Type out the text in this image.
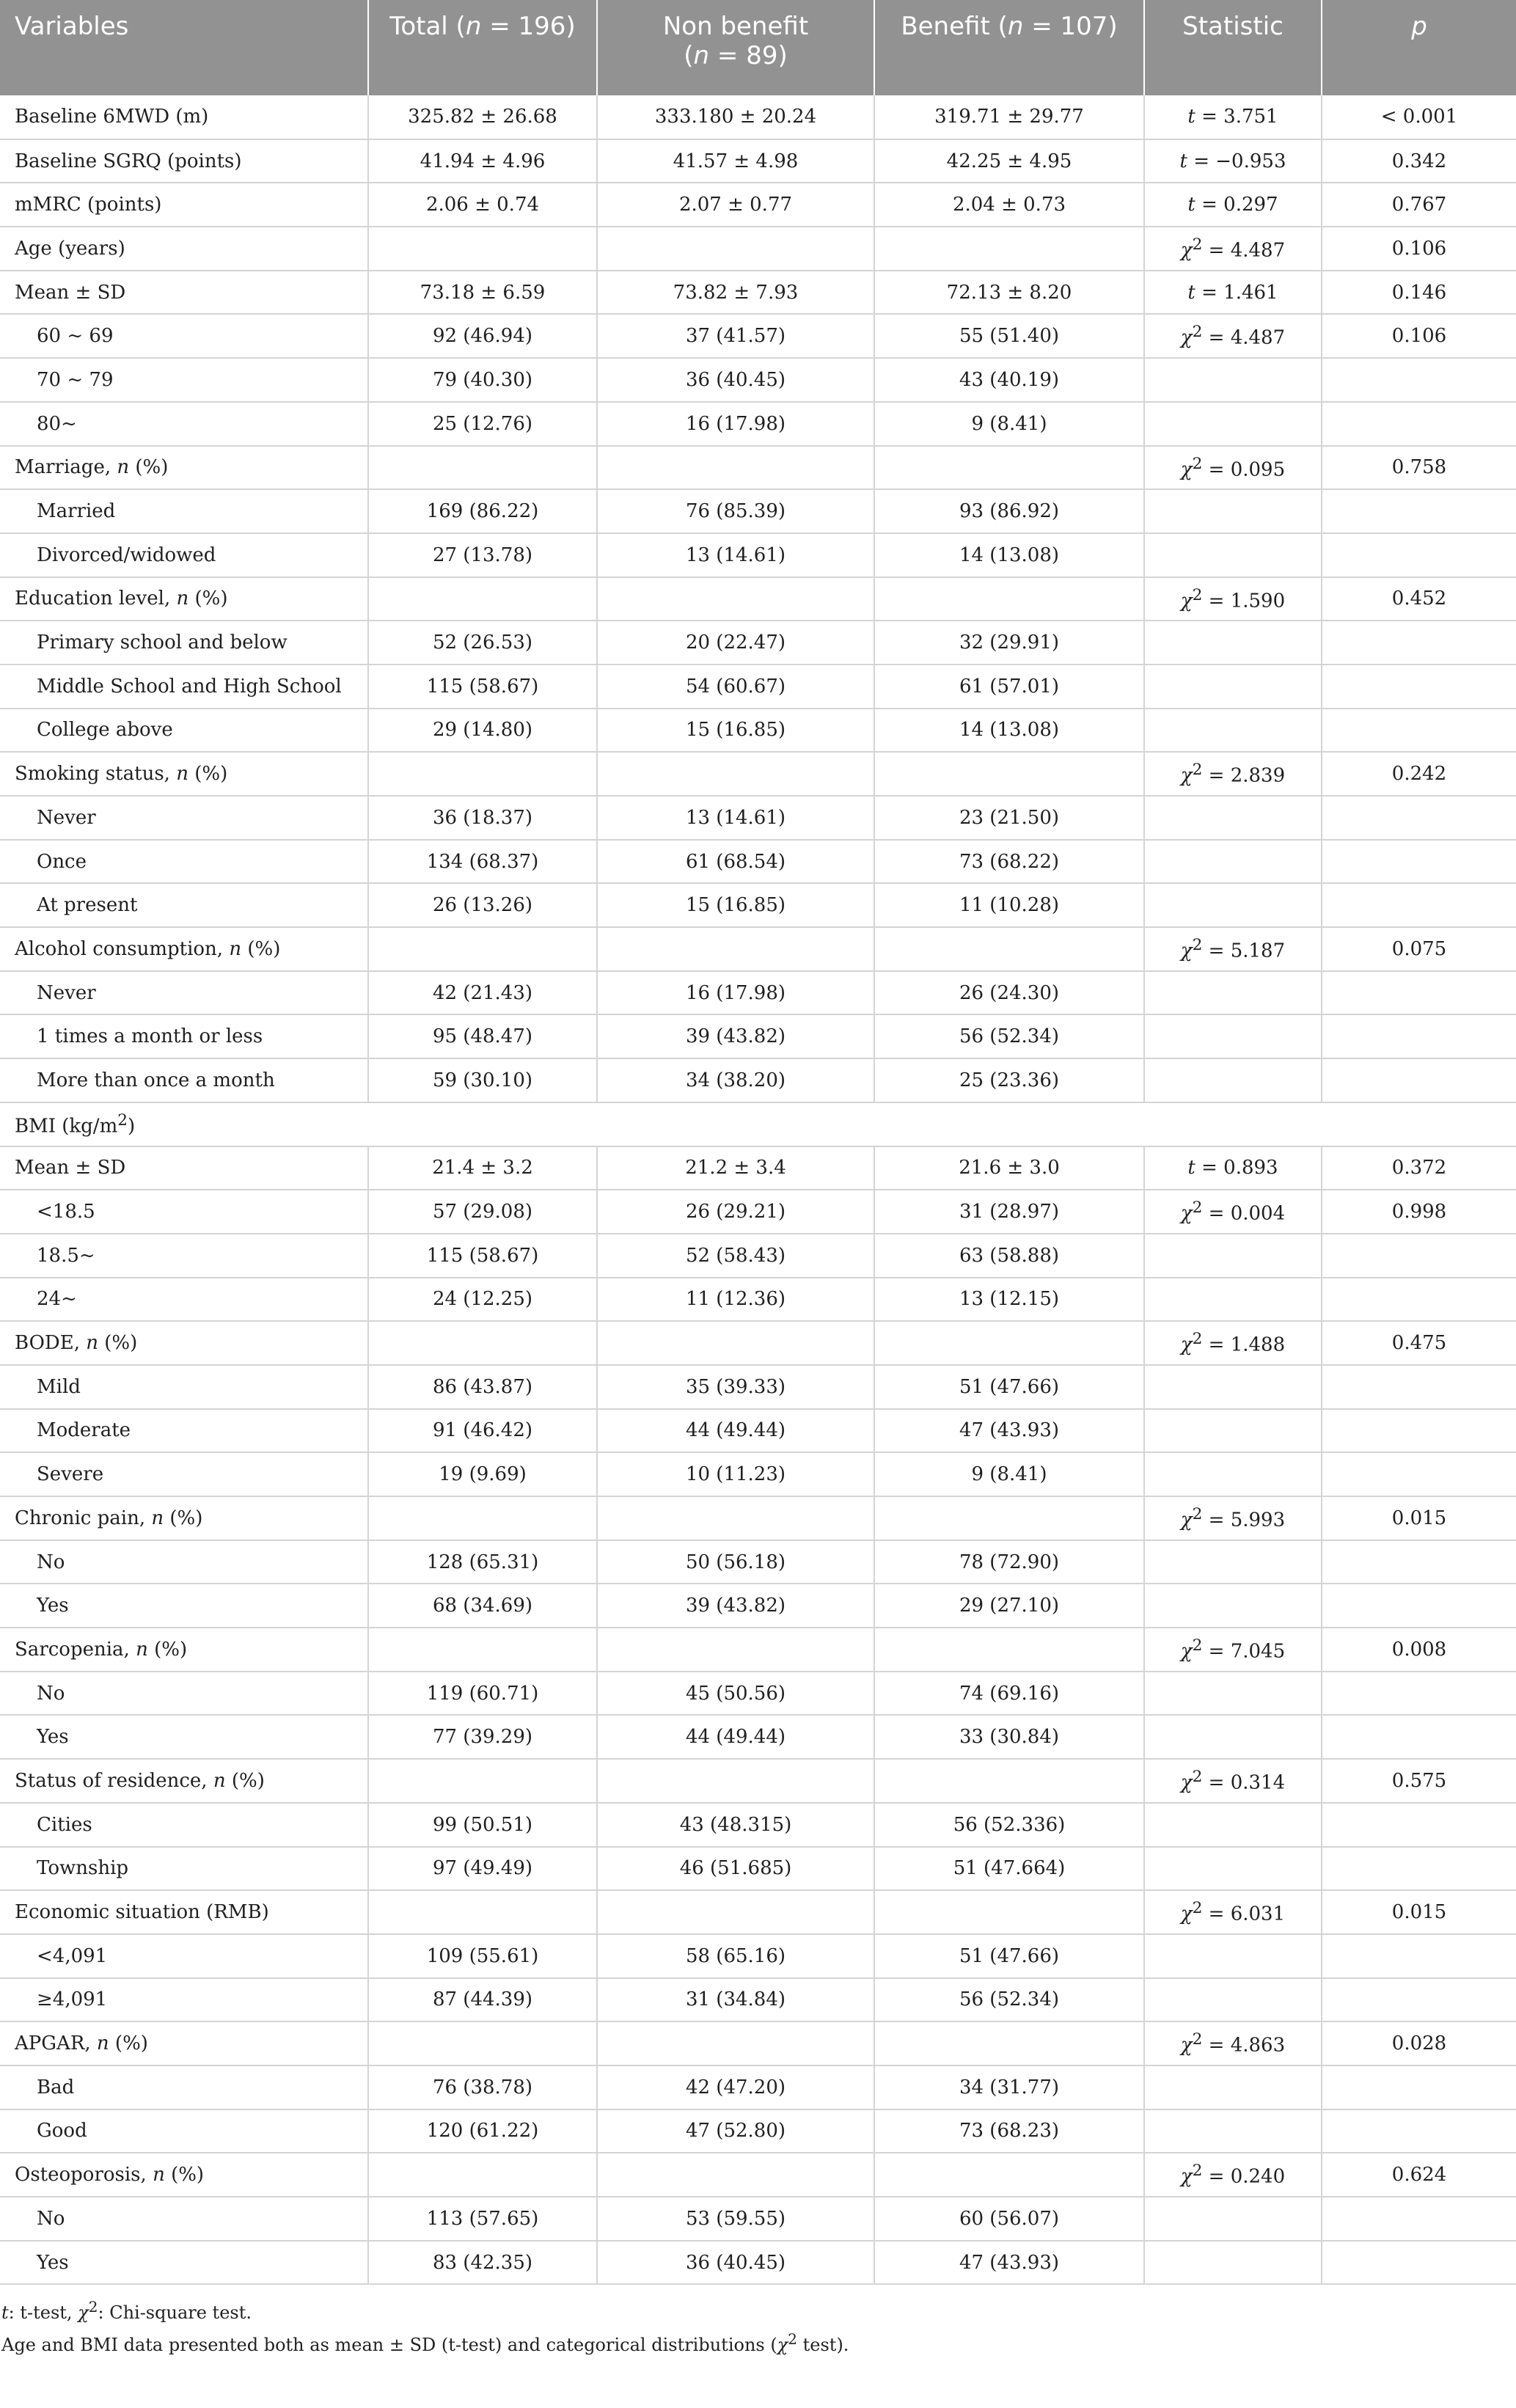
Variables	Total (n = 196)	Non benefit
(n = 89)	Benefit (n = 107)	Statistic	p
Baseline 6MWD (m)	325.82 ± 26.68	333.180 ± 20.24	319.71 ± 29.77	t = 3.751	< 0.001
Baseline SGRQ (points)	41.94 ± 4.96	41.57 ± 4.98	42.25 ± 4.95	t = −0.953	0.342
mMRC (points)	2.06 ± 0.74	2.07 ± 0.77	2.04 ± 0.73	t = 0.297	0.767
Age (years)				$\chi^2 = 4.487$	0.106
Mean ± SD	73.18 ± 6.59	73.82 ± 7.93	72.13 ± 8.20	t = 1.461	0.146
60 ~ 69	92 (46.94)	37 (41.57)	55 (51.40)	$\chi^2 = 4.487$	0.106
70 ~ 79	79 (40.30)	36 (40.45)	43 (40.19)		
80~	25 (12.76)	16 (17.98)	9 (8.41)		
Marriage, n (%)				$\chi^2 = 0.095$	0.758
Married	169 (86.22)	76 (85.39)	93 (86.92)		
Divorced/widowed	27 (13.78)	13 (14.61)	14 (13.08)		
Education level, n (%)				$\chi^2 = 1.590$	0.452
Primary school and below	52 (26.53)	20 (22.47)	32 (29.91)		
Middle School and High School	115 (58.67)	54 (60.67)	61 (57.01)		
College above	29 (14.80)	15 (16.85)	14 (13.08)		
Smoking status, n (%)				$\chi^2 = 2.839$	0.242
Never	36 (18.37)	13 (14.61)	23 (21.50)		
Once	134 (68.37)	61 (68.54)	73 (68.22)		
At present	26 (13.26)	15 (16.85)	11 (10.28)		
Alcohol consumption, n (%)				$\chi^2 = 5.187$	0.075
Never	42 (21.43)	16 (17.98)	26 (24.30)		
1 times a month or less	95 (48.47)	39 (43.82)	56 (52.34)		
More than once a month	59 (30.10)	34 (38.20)	25 (23.36)		
BMI $(kg/m^2)$					
Mean ± SD	21.4 ± 3.2	21.2 ± 3.4	21.6 ± 3.0	t = 0.893	0.372
<18.5	57 (29.08)	26 (29.21)	31 (28.97)	$\chi^2 = 0.004$	0.998
18.5~	115 (58.67)	52 (58.43)	63 (58.88)		
24~	24 (12.25)	11 (12.36)	13 (12.15)		
BODE, n (%)				$\chi^2 = 1.488$	0.475
Mild	86 (43.87)	35 (39.33)	51 (47.66)		
Moderate	91 (46.42)	44 (49.44)	47 (43.93)		
Severe	19 (9.69)	10 (11.23)	9 (8.41)		
Chronic pain, n (%)				$\chi^2 = 5.993$	0.015
No	128 (65.31)	50 (56.18)	78 (72.90)		
Yes	68 (34.69)	39 (43.82)	29 (27.10)		
Sarcopenia, n (%)				$\chi^2 = 7.045$	0.008
No	119 (60.71)	45 (50.56)	74 (69.16)		
Yes	77 (39.29)	44 (49.44)	33 (30.84)		
Status of residence, n (%)				$\chi^2 = 0.314$	0.575
Cities	99 (50.51)	43 (48.315)	56 (52.336)		
Township	97 (49.49)	46 (51.685)	51 (47.664)		
Economic situation (RMB)				$\chi^2 = 6.031$	0.015
<4,091	109 (55.61)	58 (65.16)	51 (47.66)		
≥4,091	87 (44.39)	31 (34.84)	56 (52.34)		
APGAR, n (%)				$\chi^2 = 4.863$	0.028
Bad	76 (38.78)	42 (47.20)	34 (31.77)		
Good	120 (61.22)	47 (52.80)	73 (68.23)		
Osteoporosis, n (%)				$\chi^2 = 0.240$	0.624
No	113 (57.65)	53 (59.55)	60 (56.07)		
Yes	83 (42.35)	36 (40.45)	47 (43.93)		
t: t-test, $\chi^2$: Chi-square test.
Age and BMI data presented both as mean ± SD (t-test) and categorical distributions ($\chi^2$ test).
